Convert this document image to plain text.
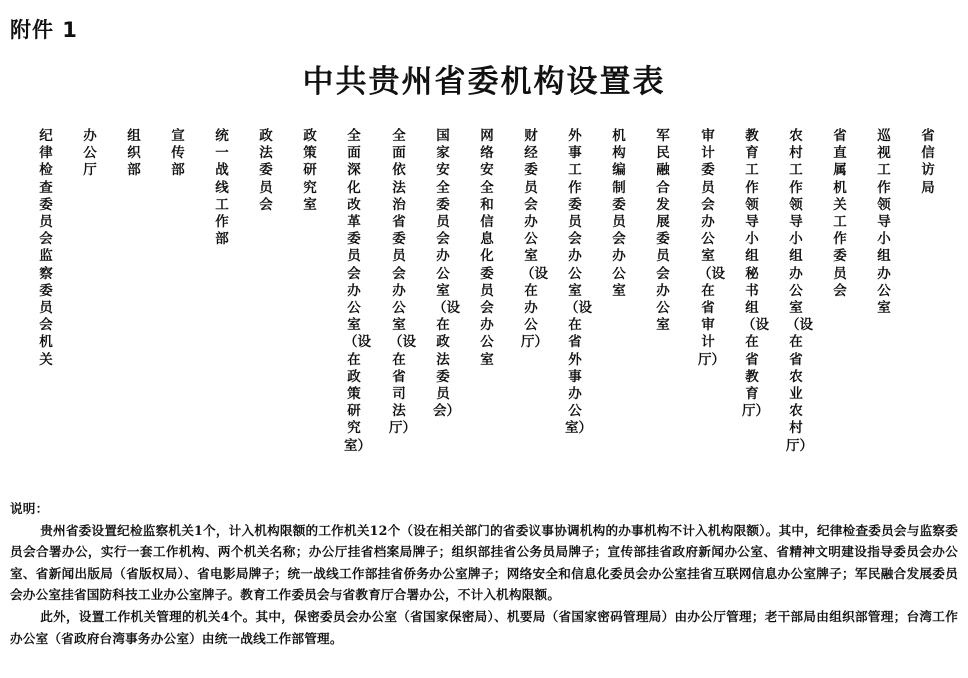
附件 1
中共贵州省委机构设置表
纪律检查委员会监察委员会机关
办公厅
组织部
宣传部
统一战线工作部
政法委员会
政策研究室
全面深化改革委员会办公室（设在政策研究室）
全面依法治省委员会办公室（设在省司法厅）
国家安全委员会办公室（设在政法委员会）
网络安全和信息化委员会办公室
财经委员会办公室（设在办公厅）
外事工作委员会办公室（设在省外事办公室）
机构编制委员会办公室
军民融合发展委员会办公室
审计委员会办公室（设在省审计厅）
教育工作领导小组秘书组（设在省教育厅）
农村工作领导小组办公室（设在省农业农村厅）
省直属机关工作委员会
巡视工作领导小组办公室
省信访局
说明：
贵州省委设置纪检监察机关1个，计入机构限额的工作机关12个（设在相关部门的省委议事协调机构的办事机构不计入机构限额）。其中，纪律检查委员会与监察委员会合署办公，实行一套工作机构、两个机关名称；办公厅挂省档案局牌子；组织部挂省公务员局牌子；宣传部挂省政府新闻办公室、省精神文明建设指导委员会办公室、省新闻出版局（省版权局）、省电影局牌子；统一战线工作部挂省侨务办公室牌子；网络安全和信息化委员会办公室挂省互联网信息办公室牌子；军民融合发展委员会办公室挂省国防科技工业办公室牌子。教育工作委员会与省教育厅合署办公，不计入机构限额。
此外，设置工作机关管理的机关4个。其中，保密委员会办公室（省国家保密局）、机要局（省国家密码管理局）由办公厅管理；老干部局由组织部管理；台湾工作办公室（省政府台湾事务办公室）由统一战线工作部管理。
